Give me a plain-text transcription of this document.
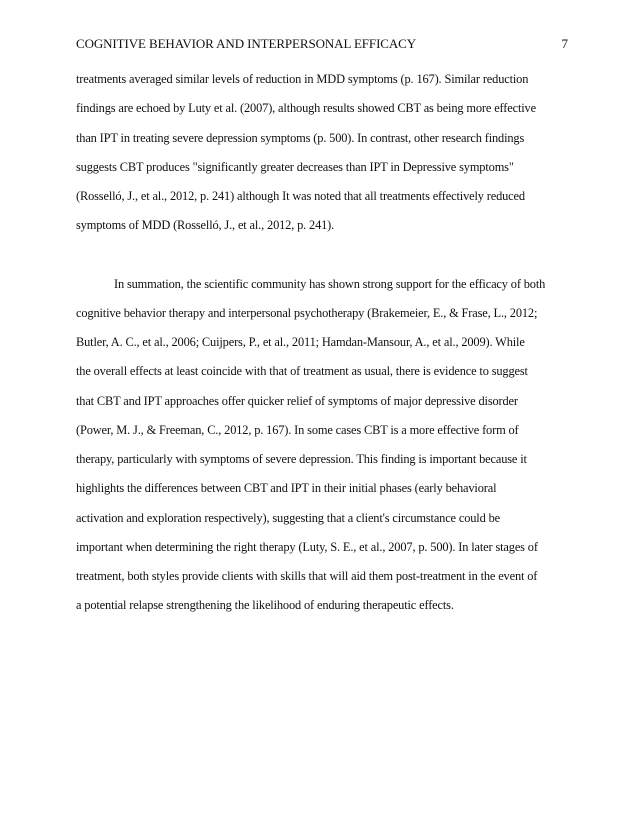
COGNITIVE BEHAVIOR AND INTERPERSONAL EFFICACY	7

treatments averaged similar levels of reduction in MDD symptoms (p. 167). Similar reduction
findings are echoed by Luty et al. (2007), although results showed CBT as being more effective
than IPT in treating severe depression symptoms (p. 500). In contrast, other research findings
suggests CBT produces "significantly greater decreases than IPT in Depressive symptoms"
(Rosselló, J., et al., 2012, p. 241) although It was noted that all treatments effectively reduced
symptoms of MDD (Rosselló, J., et al., 2012, p. 241).

In summation, the scientific community has shown strong support for the efficacy of both
cognitive behavior therapy and interpersonal psychotherapy (Brakemeier, E., & Frase, L., 2012;
Butler, A. C., et al., 2006; Cuijpers, P., et al., 2011; Hamdan-Mansour, A., et al., 2009). While
the overall effects at least coincide with that of treatment as usual, there is evidence to suggest
that CBT and IPT approaches offer quicker relief of symptoms of major depressive disorder
(Power, M. J., & Freeman, C., 2012, p. 167). In some cases CBT is a more effective form of
therapy, particularly with symptoms of severe depression. This finding is important because it
highlights the differences between CBT and IPT in their initial phases (early behavioral
activation and exploration respectively), suggesting that a client's circumstance could be
important when determining the right therapy (Luty, S. E., et al., 2007, p. 500). In later stages of
treatment, both styles provide clients with skills that will aid them post-treatment in the event of
a potential relapse strengthening the likelihood of enduring therapeutic effects.
